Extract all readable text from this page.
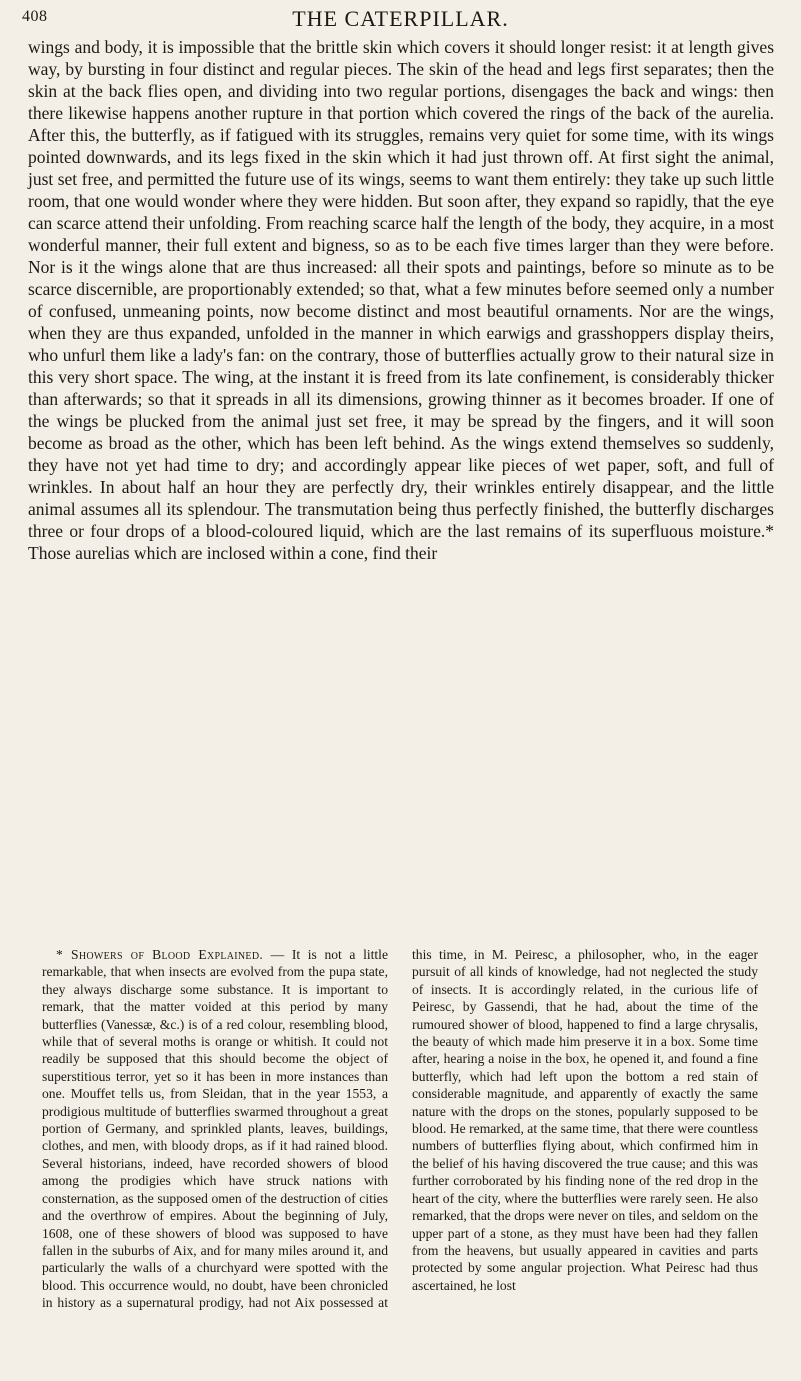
408	THE CATERPILLAR.

wings and body, it is impossible that the brittle skin which covers it should longer resist: it at length gives way, by bursting in four distinct and regular pieces. The skin of the head and legs first separates; then the skin at the back flies open, and dividing into two regular portions, disengages the back and wings: then there likewise happens another rupture in that portion which covered the rings of the back of the aurelia. After this, the butterfly, as if fatigued with its struggles, remains very quiet for some time, with its wings pointed downwards, and its legs fixed in the skin which it had just thrown off. At first sight the animal, just set free, and permitted the future use of its wings, seems to want them entirely: they take up such little room, that one would wonder where they were hidden. But soon after, they expand so rapidly, that the eye can scarce attend their unfolding. From reaching scarce half the length of the body, they acquire, in a most wonderful manner, their full extent and bigness, so as to be each five times larger than they were before. Nor is it the wings alone that are thus increased: all their spots and paintings, before so minute as to be scarce discernible, are proportionably extended; so that, what a few minutes before seemed only a number of confused, unmeaning points, now become distinct and most beautiful ornaments. Nor are the wings, when they are thus expanded, unfolded in the manner in which earwigs and grasshoppers display theirs, who unfurl them like a lady's fan: on the contrary, those of butterflies actually grow to their natural size in this very short space. The wing, at the instant it is freed from its late confinement, is considerably thicker than afterwards; so that it spreads in all its dimensions, growing thinner as it becomes broader. If one of the wings be plucked from the animal just set free, it may be spread by the fingers, and it will soon become as broad as the other, which has been left behind. As the wings extend themselves so suddenly, they have not yet had time to dry; and accordingly appear like pieces of wet paper, soft, and full of wrinkles. In about half an hour they are perfectly dry, their wrinkles entirely disappear, and the little animal assumes all its splendour. The transmutation being thus perfectly finished, the butterfly discharges three or four drops of a blood-coloured liquid, which are the last remains of its superfluous moisture.* Those aurelias which are inclosed within a cone, find their

* Showers of Blood Explained. — It is not a little remarkable, that when insects are evolved from the pupa state, they always discharge some substance. It is important to remark, that the matter voided at this period by many butterflies (Vanessæ, &c.) is of a red colour, resembling blood, while that of several moths is orange or whitish. It could not readily be supposed that this should become the object of superstitious terror, yet so it has been in more instances than one. Mouffet tells us, from Sleidan, that in the year 1553, a prodigious multitude of butterflies swarmed throughout a great portion of Germany, and sprinkled plants, leaves, buildings, clothes, and men, with bloody drops, as if it had rained blood. Several historians, indeed, have recorded showers of blood among the prodigies which have struck nations with consternation, as the supposed omen of the destruction of cities and the overthrow of empires. About the beginning of July, 1608, one of these showers of blood was supposed to have fallen in the suburbs of Aix, and for many miles around it, and particularly the walls of a churchyard were spotted with the blood. This occurrence would, no doubt, have been chronicled in history as a supernatural prodigy, had not Aix possessed at this time, in M. Peiresc, a philosopher, who, in the eager pursuit of all kinds of knowledge, had not neglected the study of insects. It is accordingly related, in the curious life of Peiresc, by Gassendi, that he had, about the time of the rumoured shower of blood, happened to find a large chrysalis, the beauty of which made him preserve it in a box. Some time after, hearing a noise in the box, he opened it, and found a fine butterfly, which had left upon the bottom a red stain of considerable magnitude, and apparently of exactly the same nature with the drops on the stones, popularly supposed to be blood. He remarked, at the same time, that there were countless numbers of butterflies flying about, which confirmed him in the belief of his having discovered the true cause; and this was further corroborated by his finding none of the red drop in the heart of the city, where the butterflies were rarely seen. He also remarked, that the drops were never on tiles, and seldom on the upper part of a stone, as they must have been had they fallen from the heavens, but usually appeared in cavities and parts protected by some angular projection. What Peiresc had thus ascertained, he lost
